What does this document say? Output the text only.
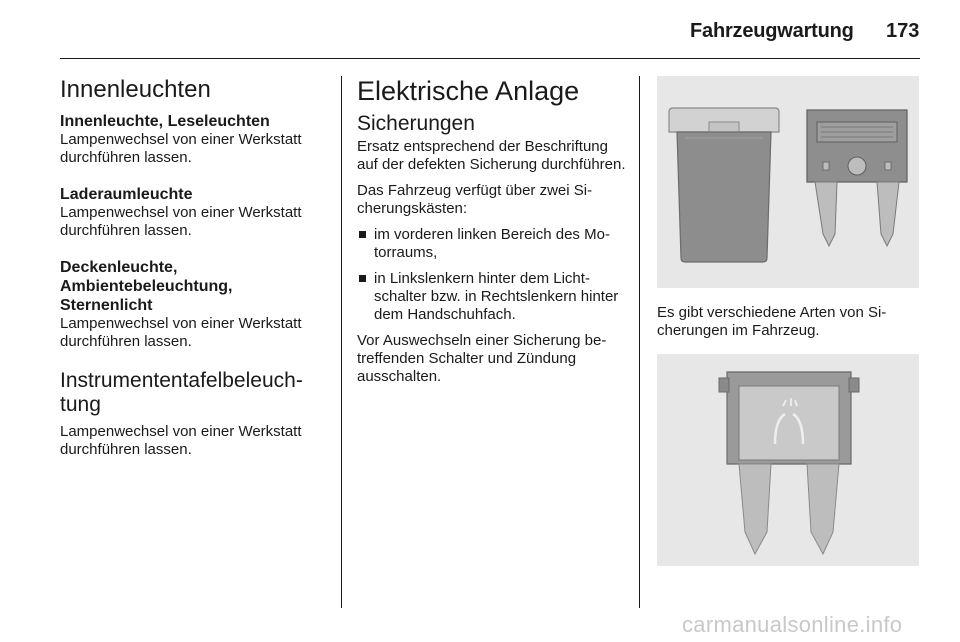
Fahrzeugwartung 173
Innenleuchten
Innenleuchte, Leseleuchten
Lampenwechsel von einer Werkstatt durchführen lassen.
Laderaumleuchte
Lampenwechsel von einer Werkstatt durchführen lassen.
Deckenleuchte, Ambientebeleuchtung, Sternenlicht
Lampenwechsel von einer Werkstatt durchführen lassen.
Instrumententafelbeleuchtung
Lampenwechsel von einer Werkstatt durchführen lassen.
Elektrische Anlage
Sicherungen
Ersatz entsprechend der Beschriftung auf der defekten Sicherung durchführen.
Das Fahrzeug verfügt über zwei Sicherungskästen:
im vorderen linken Bereich des Motorraums,
in Linkslenkern hinter dem Lichtschalter bzw. in Rechtslenkern hinter dem Handschuhfach.
Vor Auswechseln einer Sicherung betreffenden Schalter und Zündung ausschalten.
Es gibt verschiedene Arten von Sicherungen im Fahrzeug.
carmanualsonline.info
